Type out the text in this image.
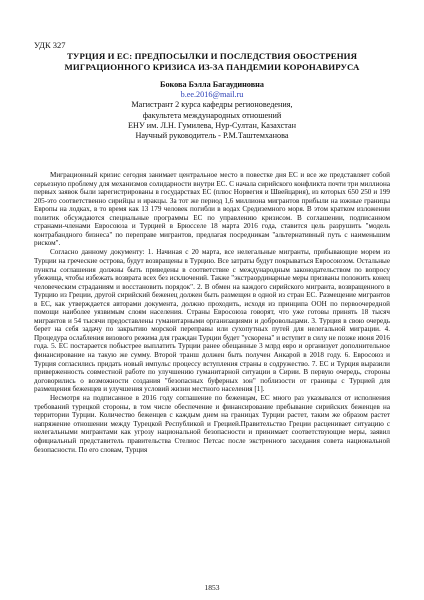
УДК 327
ТУРЦИЯ И ЕС: ПРЕДПОСЫЛКИ И ПОСЛЕДСТВИЯ ОБОСТРЕНИЯ
МИГРАЦИОННОГО КРИЗИСА ИЗ-ЗА ПАНДЕМИИ КОРОНАВИРУСА
Бокова Бэлла Багаудиновна
b.ee.2016@mail.ru
Магистрант 2 курса кафедры регионоведения,
факультета международных отношений
ЕНУ им. Л.Н. Гумилева, Нур-Султан, Казахстан
Научный руководитель - Р.М.Таштемханова

Миграционный кризис сегодня занимает центральное место в повестке дня ЕС и все же представляет собой серьезную проблему для механизмов солидарности внутри ЕС. С начала сирийского конфликта почти три миллиона первых заявок были зарегистрированы в государствах ЕС (плюс Норвегия и Швейцария), из которых 650 250 и 199 205-это соответственно сирийцы и иракцы. За тот же период 1,6 миллиона мигрантов прибыли на южные границы Европы на лодках, в то время как 13 179 человек погибли в водах Средиземного моря. В этом кратком изложении политик обсуждаются специальные программы ЕС по управлению кризисом. В соглашении, подписанном странами-членами Евросоюза и Турцией в Брюсселе 18 марта 2016 года, ставится цель разрушить "модель контрабандного бизнеса" по переправе мигрантов, предлагая посредникам "альтернативный путь с наименьшим риском".

Согласно данному документу: 1. Начиная с 20 марта, все нелегальные мигранты, прибывающие морем из Турции на греческие острова, будут возвращены в Турцию. Все затраты будут покрываться Евросоюзом. Остальные пункты соглашения должны быть приведены в соответствие с международным законодательством по вопросу убежища, чтобы избежать возврата всех без исключений. Также "экстраординарные меры призваны положить конец человеческим страданиям и восстановить порядок". 2. В обмен на каждого сирийского мигранта, возвращенного в Турцию из Греции, другой сирийский беженец должен быть размещен в одной из стран ЕС. Размещение мигрантов в ЕС, как утверждается авторами документа, должно проходить, исходя из принципа ООН по первоочередной помощи наиболее уязвимым слоям населения. Страны Евросоюза говорят, что уже готовы принять 18 тысяч мигрантов и 54 тысячи предоставлены гуманитарными организациями и добровольцами. 3. Турция в свою очередь берет на себя задачу по закрытию морской переправы или сухопутных путей для нелегальной миграции. 4. Процедура ослабления визового режима для граждан Турции будет "ускорена" и вступит в силу не позже июня 2016 года. 5. ЕС постарается побыстрее выплатить Турции ранее обещанные 3 млрд евро и организует дополнительное финансирование на такую же сумму. Второй транш должен быть получен Анкарой в 2018 году. 6. Евросоюз и Турция согласились придать новый импульс процессу вступления страны в содружество. 7. ЕС и Турция выразили приверженность совместной работе по улучшению гуманитарной ситуации в Сирии. В первую очередь, стороны договорились о возможности создания "безопасных буферных зон" поблизости от границы с Турцией для размещения беженцев и улучшения условий жизни местного населения [1].

Несмотря на подписанное в 2016 году соглашение по беженцам, ЕС много раз указывался от исполнения требований турецкой стороны, в том числе обеспечение и финансирование пребывание сирийских беженцев на территории Турции. Количество беженцев с каждым днем на границах Турции растет, таким же образом растет напряжение отношении между Турецкой Республикой и Грецией.Правительство Греции расценивает ситуацию с нелегальными мигрантами как угрозу национальной безопасности и принимает соответствующие меры, заявил официальный представитель правительства Стелиос Петсас после экстренного заседания совета национальной безопасности. По его словам, Турция

1853
